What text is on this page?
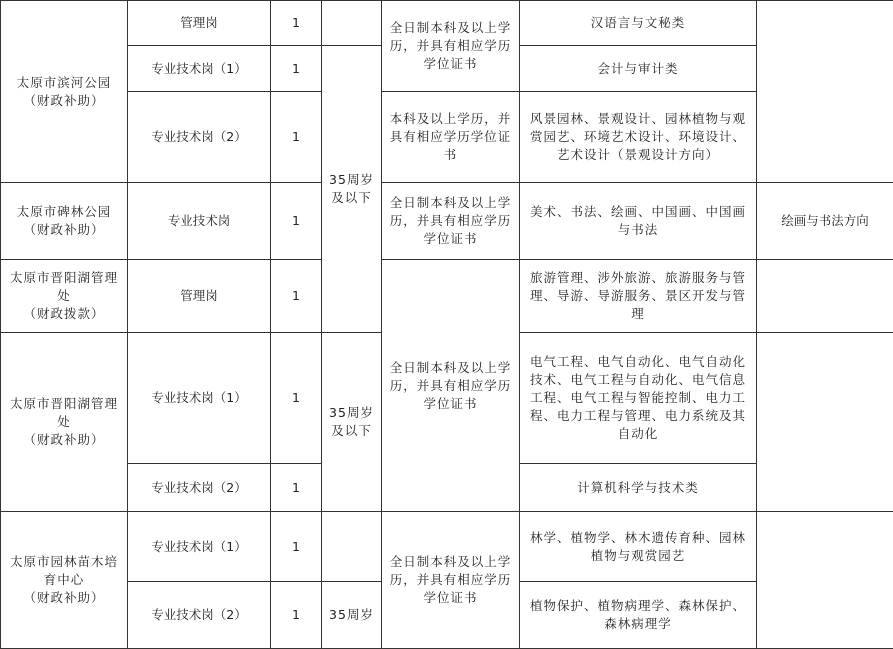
太原市滨河公园
（财政补助）	管理岗	1		全日制本科及以上学历，并具有相应学历学位证书	汉语言与文秘类	
	专业技术岗（1）	1	35周岁及以下		会计与审计类	
	专业技术岗（2）	1		本科及以上学历，并具有相应学历学位证书	风景园林、景观设计、园林植物与观赏园艺、环境艺术设计、环境设计、艺术设计（景观设计方向）	
太原市碑林公园
（财政补助）	专业技术岗	1		全日制本科及以上学历，并具有相应学历学位证书	美术、书法、绘画、中国画、中国画与书法	绘画与书法方向
太原市晋阳湖管理处
（财政拨款）	管理岗	1		全日制本科及以上学历，并具有相应学历学位证书	旅游管理、涉外旅游、旅游服务与管理、导游、导游服务、景区开发与管理	
太原市晋阳湖管理处
（财政补助）	专业技术岗（1）	1	35周岁及以下		电气工程、电气自动化、电气自动化技术、电气工程与自动化、电气信息工程、电气工程与智能控制、电力工程、电力工程与管理、电力系统及其自动化	
	专业技术岗（2）	1			计算机科学与技术类	
太原市园林苗木培育中心
（财政补助）	专业技术岗（1）	1		全日制本科及以上学历，并具有相应学历学位证书	林学、植物学、林木遗传育种、园林植物与观赏园艺	
	专业技术岗（2）	1	35周岁		植物保护、植物病理学、森林保护、森林病理学	
